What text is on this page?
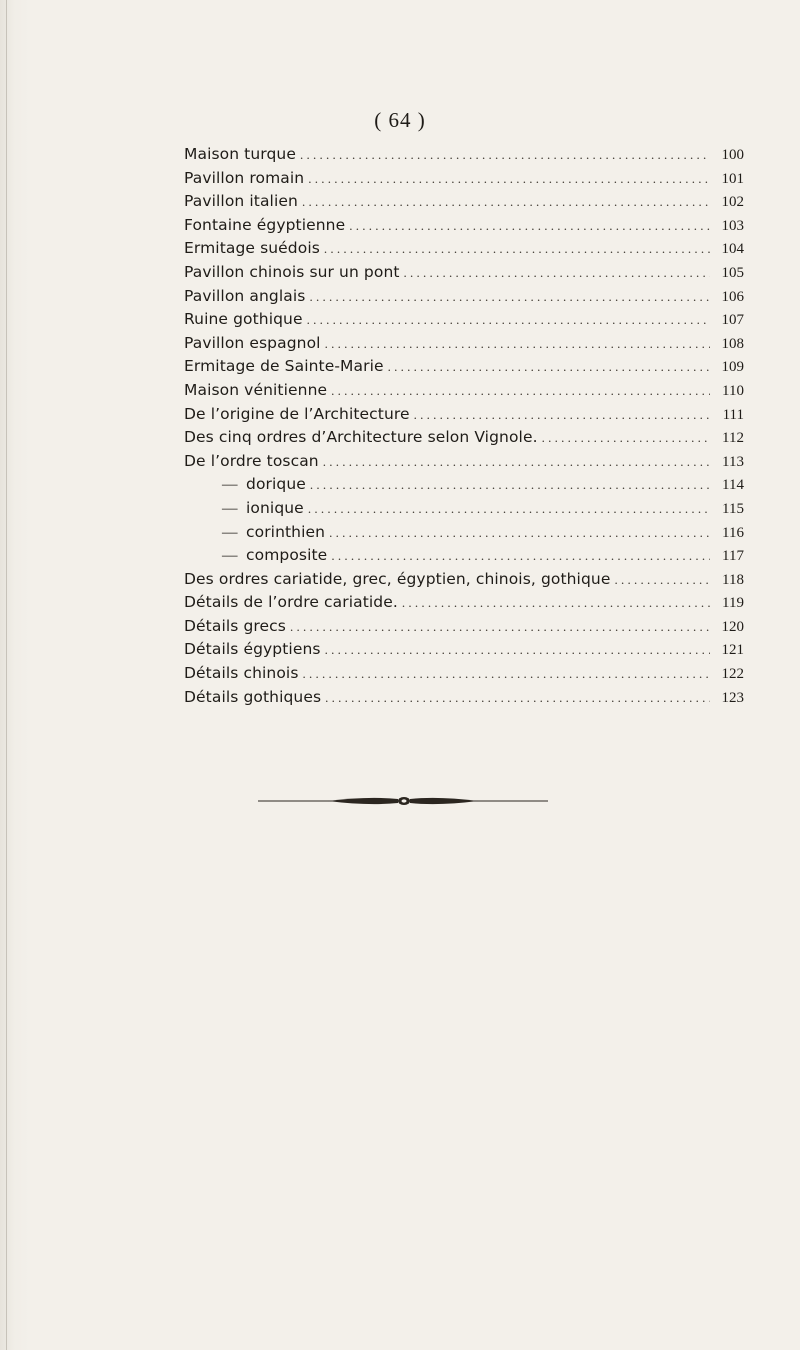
( 64 )
Maison turque . . .	100
Pavillon romain . . .	101
Pavillon italien . . .	102
Fontaine égyptienne . . .	103
Ermitage suédois . . .	104
Pavillon chinois sur un pont . . .	105
Pavillon anglais . . .	106
Ruine gothique . . .	107
Pavillon espagnol . . .	108
Ermitage de Sainte-Marie . . .	109
Maison vénitienne . . .	110
De l’origine de l’Architecture . . .	111
Des cinq ordres d’Architecture selon Vignole. . . .	112
De l’ordre toscan . . .	113
— dorique . . .	114
— ionique . . .	115
— corinthien . . .	116
— composite . . .	117
Des ordres cariatide, grec, égyptien, chinois, gothique . . .	118
Détails de l’ordre cariatide. . . .	119
Détails grecs . . .	120
Détails égyptiens . . .	121
Détails chinois . . .	122
Détails gothiques . . .	123
